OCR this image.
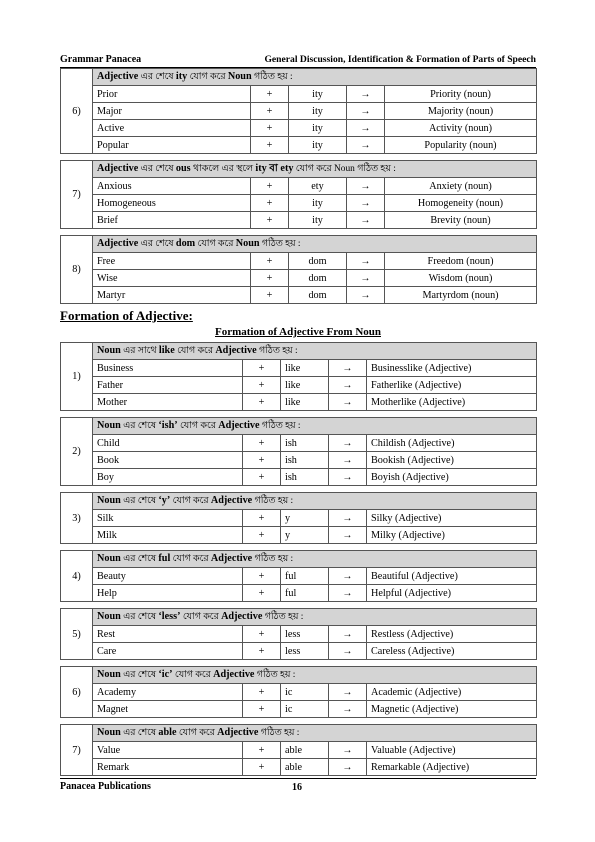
Grammar Panacea	General Discussion, Identification & Formation of Parts of Speech
6)	Adjective এর শেষে ity যোগ করে Noun গঠিত হয় :				
	Prior	+	ity	→	Priority (noun)
	Major	+	ity	→	Majority (noun)
	Active	+	ity	→	Activity (noun)
	Popular	+	ity	→	Popularity (noun)
7)	Adjective এর শেষে ous থাকলে এর স্থলে ity বা ety যোগ করে Noun গঠিত হয় :				
	Anxious	+	ety	→	Anxiety (noun)
	Homogeneous	+	ity	→	Homogeneity (noun)
	Brief	+	ity	→	Brevity (noun)
8)	Adjective এর শেষে dom যোগ করে Noun গঠিত হয় :				
	Free	+	dom	→	Freedom (noun)
	Wise	+	dom	→	Wisdom (noun)
	Martyr	+	dom	→	Martyrdom (noun)
Formation of Adjective:
Formation of Adjective From Noun
1)	Noun এর সাথে like যোগ করে Adjective গঠিত হয় :				
	Business	+	like	→	Businesslike (Adjective)
	Father	+	like	→	Fatherlike (Adjective)
	Mother	+	like	→	Motherlike (Adjective)
2)	Noun এর শেষে ‘ish’ যোগ করে Adjective গঠিত হয় :				
	Child	+	ish	→	Childish (Adjective)
	Book	+	ish	→	Bookish (Adjective)
	Boy	+	ish	→	Boyish (Adjective)
3)	Noun এর শেষে ‘y’ যোগ করে Adjective গঠিত হয় :				
	Silk	+	y	→	Silky (Adjective)
	Milk	+	y	→	Milky (Adjective)
4)	Noun এর শেষে ful যোগ করে Adjective গঠিত হয় :				
	Beauty	+	ful	→	Beautiful (Adjective)
	Help	+	ful	→	Helpful (Adjective)
5)	Noun এর শেষে ‘less’ যোগ করে Adjective গঠিত হয় :				
	Rest	+	less	→	Restless (Adjective)
	Care	+	less	→	Careless (Adjective)
6)	Noun এর শেষে ‘ic’ যোগ করে Adjective গঠিত হয় :				
	Academy	+	ic	→	Academic (Adjective)
	Magnet	+	ic	→	Magnetic (Adjective)
7)	Noun এর শেষে able যোগ করে Adjective গঠিত হয় :				
	Value	+	able	→	Valuable (Adjective)
	Remark	+	able	→	Remarkable (Adjective)
Panacea Publications	16
